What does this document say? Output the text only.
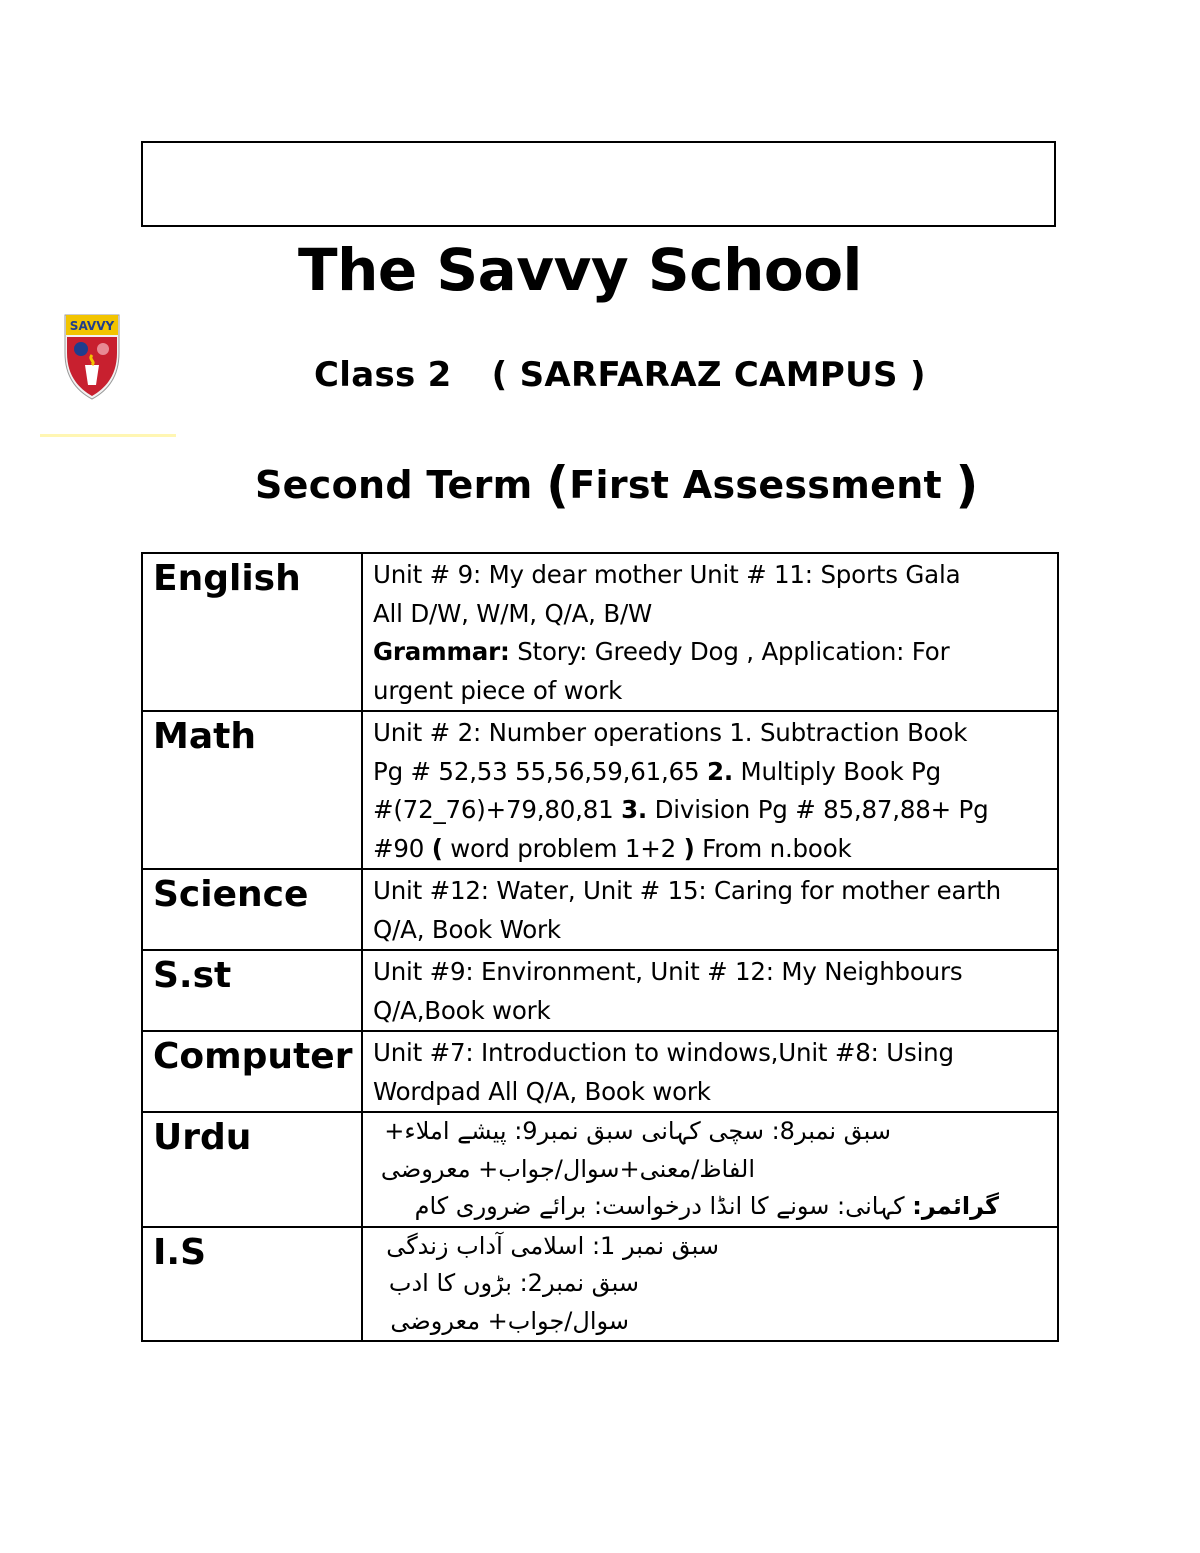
The Savvy School
SAVVY
Class 2 ( SARFARAZ CAMPUS )
Second Term (First Assessment )
English	Unit # 9: My dear mother Unit # 11: Sports Gala
All D/W, W/M, Q/A, B/W
Grammar: Story: Greedy Dog , Application: For
urgent piece of work

Math	Unit # 2: Number operations 1. Subtraction Book
Pg # 52,53 55,56,59,61,65 2. Multiply Book Pg
#(72_76)+79,80,81 3. Division Pg # 85,87,88+ Pg
#90 ( word problem 1+2 ) From n.book

Science	Unit #12: Water, Unit # 15: Caring for mother earth
Q/A, Book Work

S.st	Unit #9: Environment, Unit # 12: My Neighbours
Q/A,Book work

Computer	Unit #7: Introduction to windows,Unit #8: Using
Wordpad All Q/A, Book work

Urdu	سبق نمبر8: سچی کہانی سبق نمبر9: پیشے املاء+
الفاظ/معنی+سوال/جواب+ معروضی
گرائمر: کہانی: سونے کا انڈا درخواست: برائے ضروری کام

I.S	سبق نمبر 1: اسلامی آداب زندگی
سبق نمبر2: بڑوں کا ادب
سوال/جواب+ معروضی
